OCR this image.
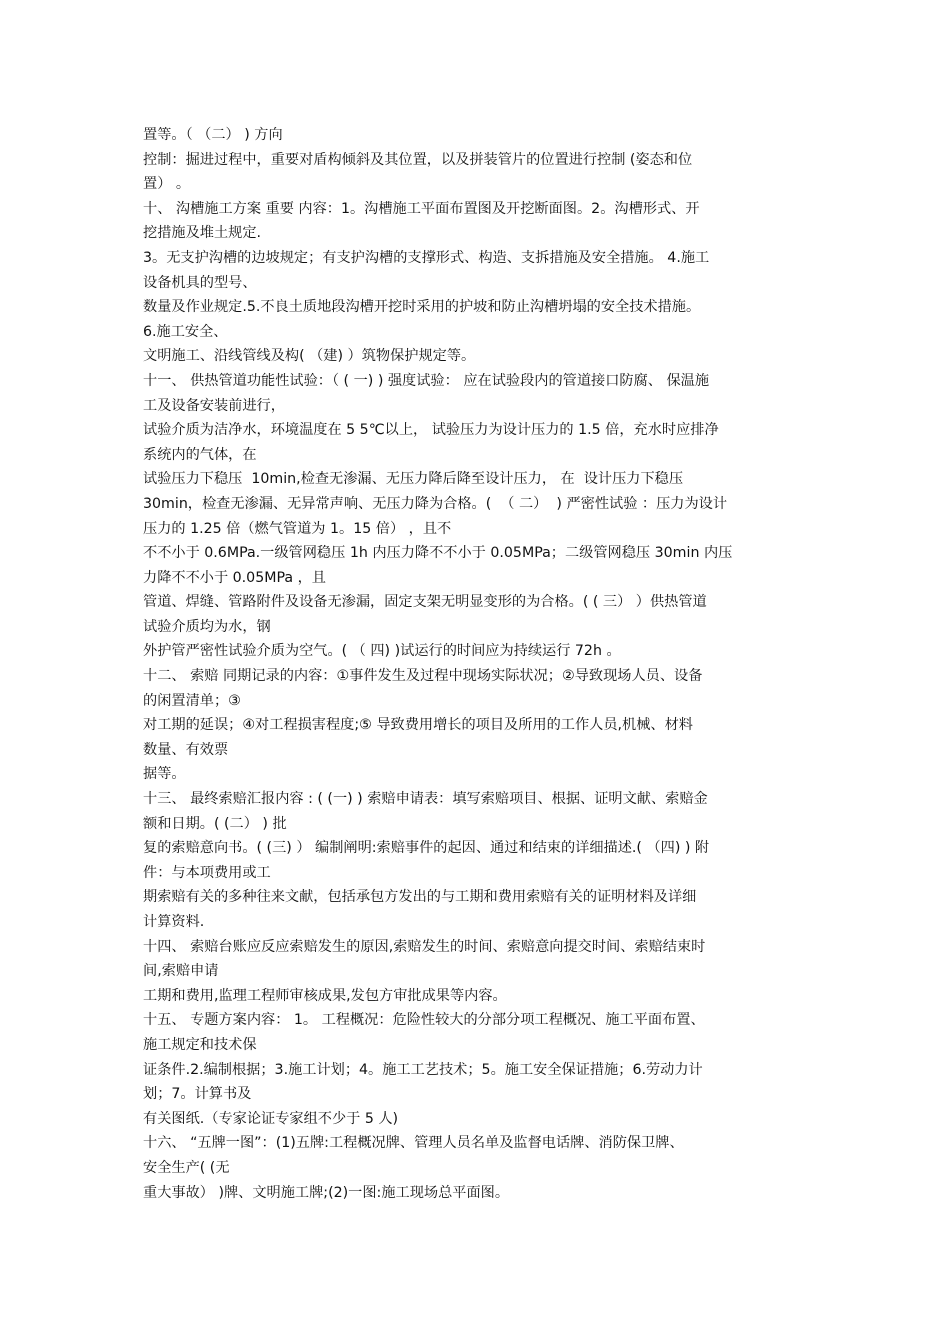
置等。（ （二） ) 方向
控制：掘进过程中，重要对盾构倾斜及其位置，以及拼装管片的位置进行控制 (姿态和位
置） 。
十、 沟槽施工方案 重要 内容：1。沟槽施工平面布置图及开挖断面图。2。沟槽形式、开
挖措施及堆土规定.
3。无支护沟槽的边坡规定；有支护沟槽的支撑形式、构造、支拆措施及安全措施。 4.施工
设备机具的型号、
数量及作业规定.5.不良土质地段沟槽开挖时采用的护坡和防止沟槽坍塌的安全技术措施。
6.施工安全、
文明施工、沿线管线及构( （建) ）筑物保护规定等。
十一、 供热管道功能性试验：（ ( 一) ) 强度试验： 应在试验段内的管道接口防腐、 保温施
工及设备安装前进行，
试验介质为洁净水，环境温度在 5 5℃以上， 试验压力为设计压力的 1.5 倍，充水时应排净
系统内的气体，在
试验压力下稳压  10min,检查无渗漏、无压力降后降至设计压力， 在  设计压力下稳压
30min，检查无渗漏、无异常声响、无压力降为合格。(  （ 二）  ) 严密性试验 ：压力为设计
压力的 1.25 倍（燃气管道为 1。15 倍） ，且不
不不小于 0.6MPa.一级管网稳压 1h 内压力降不不小于 0.05MPa；二级管网稳压 30min 内压
力降不不小于 0.05MPa ，且
管道、焊缝、管路附件及设备无渗漏，固定支架无明显变形的为合格。( ( 三） ）供热管道
试验介质均为水，钢
外护管严密性试验介质为空气。( （ 四) )试运行的时间应为持续运行 72h 。
十二、 索赔 同期记录的内容：①事件发生及过程中现场实际状况；②导致现场人员、设备
的闲置清单；③
对工期的延误；④对工程损害程度;⑤ 导致费用增长的项目及所用的工作人员,机械、材料
数量、有效票
据等。
十三、 最终索赔汇报内容 : ( (一) ) 索赔申请表：填写索赔项目、根据、证明文献、索赔金
额和日期。( (二） ) 批
复的索赔意向书。( (三) ） 编制阐明:索赔事件的起因、通过和结束的详细描述.( （四) ) 附
件：与本项费用或工
期索赔有关的多种往来文献，包括承包方发出的与工期和费用索赔有关的证明材料及详细
计算资料.
十四、 索赔台账应反应索赔发生的原因,索赔发生的时间、索赔意向提交时间、索赔结束时
间,索赔申请
工期和费用,监理工程师审核成果,发包方审批成果等内容。
十五、 专题方案内容： 1。 工程概况：危险性较大的分部分项工程概况、施工平面布置、
施工规定和技术保
证条件.2.编制根据；3.施工计划；4。施工工艺技术；5。施工安全保证措施；6.劳动力计
划；7。计算书及
有关图纸.（专家论证专家组不少于 5 人)
十六、 “五牌一图”：(1)五牌:工程概况牌、管理人员名单及监督电话牌、消防保卫牌、
安全生产( (无
重大事故） )牌、文明施工牌;(2)一图:施工现场总平面图。
